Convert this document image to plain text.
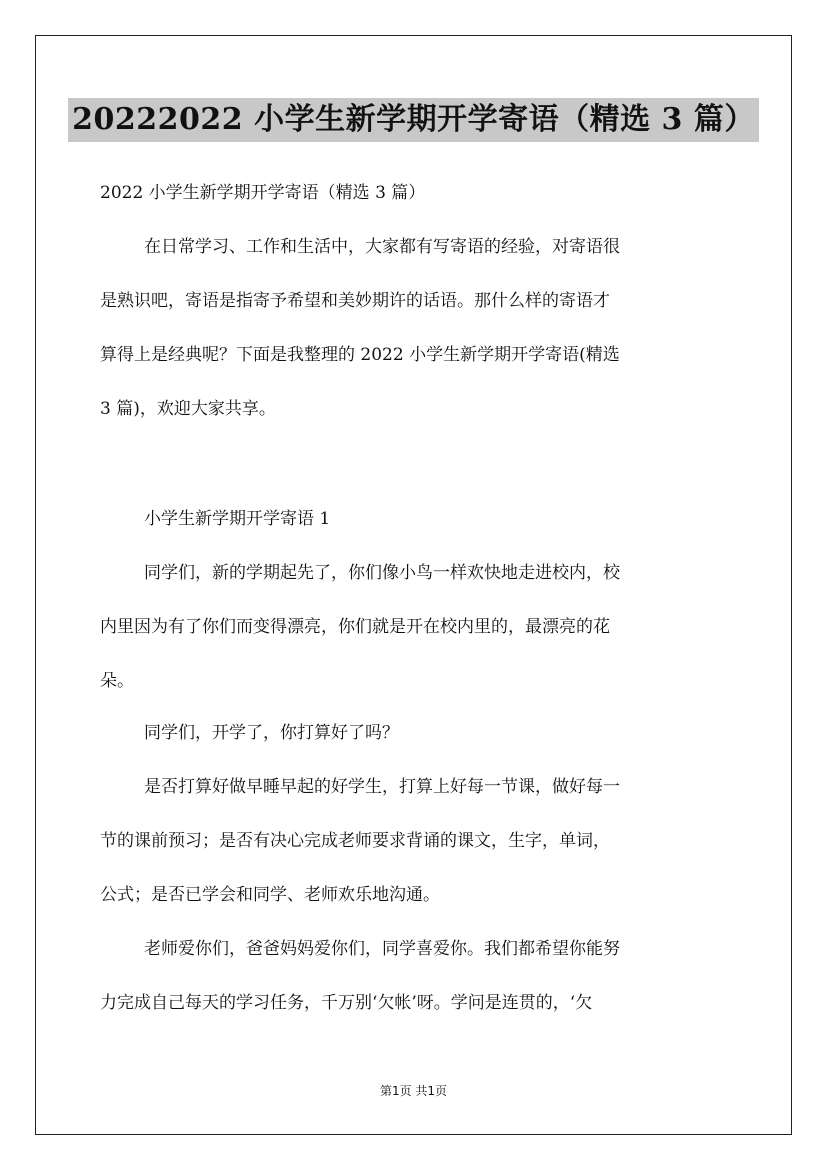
20222022 小学生新学期开学寄语（精选 3 篇）
2022 小学生新学期开学寄语（精选 3 篇）
在日常学习、工作和生活中，大家都有写寄语的经验，对寄语很
是熟识吧，寄语是指寄予希望和美妙期许的话语。那什么样的寄语才
算得上是经典呢？下面是我整理的 2022 小学生新学期开学寄语(精选
3 篇)，欢迎大家共享。
小学生新学期开学寄语 1
同学们，新的学期起先了，你们像小鸟一样欢快地走进校内，校
内里因为有了你们而变得漂亮，你们就是开在校内里的，最漂亮的花
朵。
同学们，开学了，你打算好了吗？
是否打算好做早睡早起的好学生，打算上好每一节课，做好每一
节的课前预习；是否有决心完成老师要求背诵的课文，生字，单词，
公式；是否已学会和同学、老师欢乐地沟通。
老师爱你们，爸爸妈妈爱你们，同学喜爱你。我们都希望你能努
力完成自己每天的学习任务，千万别‘欠帐’呀。学问是连贯的，‘欠
第1页 共1页
